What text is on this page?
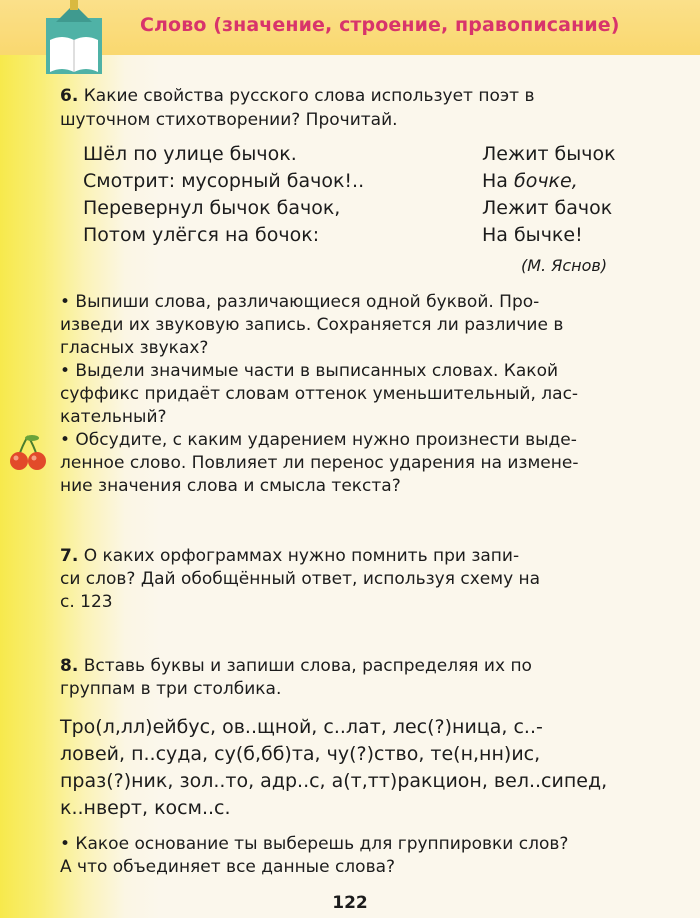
Слово (значение, строение, правописание)
6. Какие свойства русского слова использует поэт в
шуточном стихотворении? Прочитай.
Шёл по улице бычок.	Лежит бычок
Смотрит: мусорный бачок!..	На бочке,
Перевернул бычок бачок,	Лежит бачок
Потом улёгся на бочок:	На бычке!
(М. Яснов)
• Выпиши слова, различающиеся одной буквой. Про-
изведи их звуковую запись. Сохраняется ли различие в
гласных звуках?
• Выдели значимые части в выписанных словах. Какой
суффикс придаёт словам оттенок уменьшительный, лас-
кательный?
• Обсудите, с каким ударением нужно произнести выде-
ленное слово. Повлияет ли перенос ударения на измене-
ние значения слова и смысла текста?
7. О каких орфограммах нужно помнить при запи-
си слов? Дай обобщённый ответ, используя схему на
с. 123
8. Вставь буквы и запиши слова, распределяя их по
группам в три столбика.
Тро(л,лл)ейбус, ов..щной, с..лат, лес(?)ница, с..-
ловей, п..суда, су(б,бб)та, чу(?)ство, те(н,нн)ис,
праз(?)ник, зол..то, адр..с, а(т,тт)ракцион, вел..сипед,
к..нверт, косм..с.
• Какое основание ты выберешь для группировки слов?
А что объединяет все данные слова?
122
